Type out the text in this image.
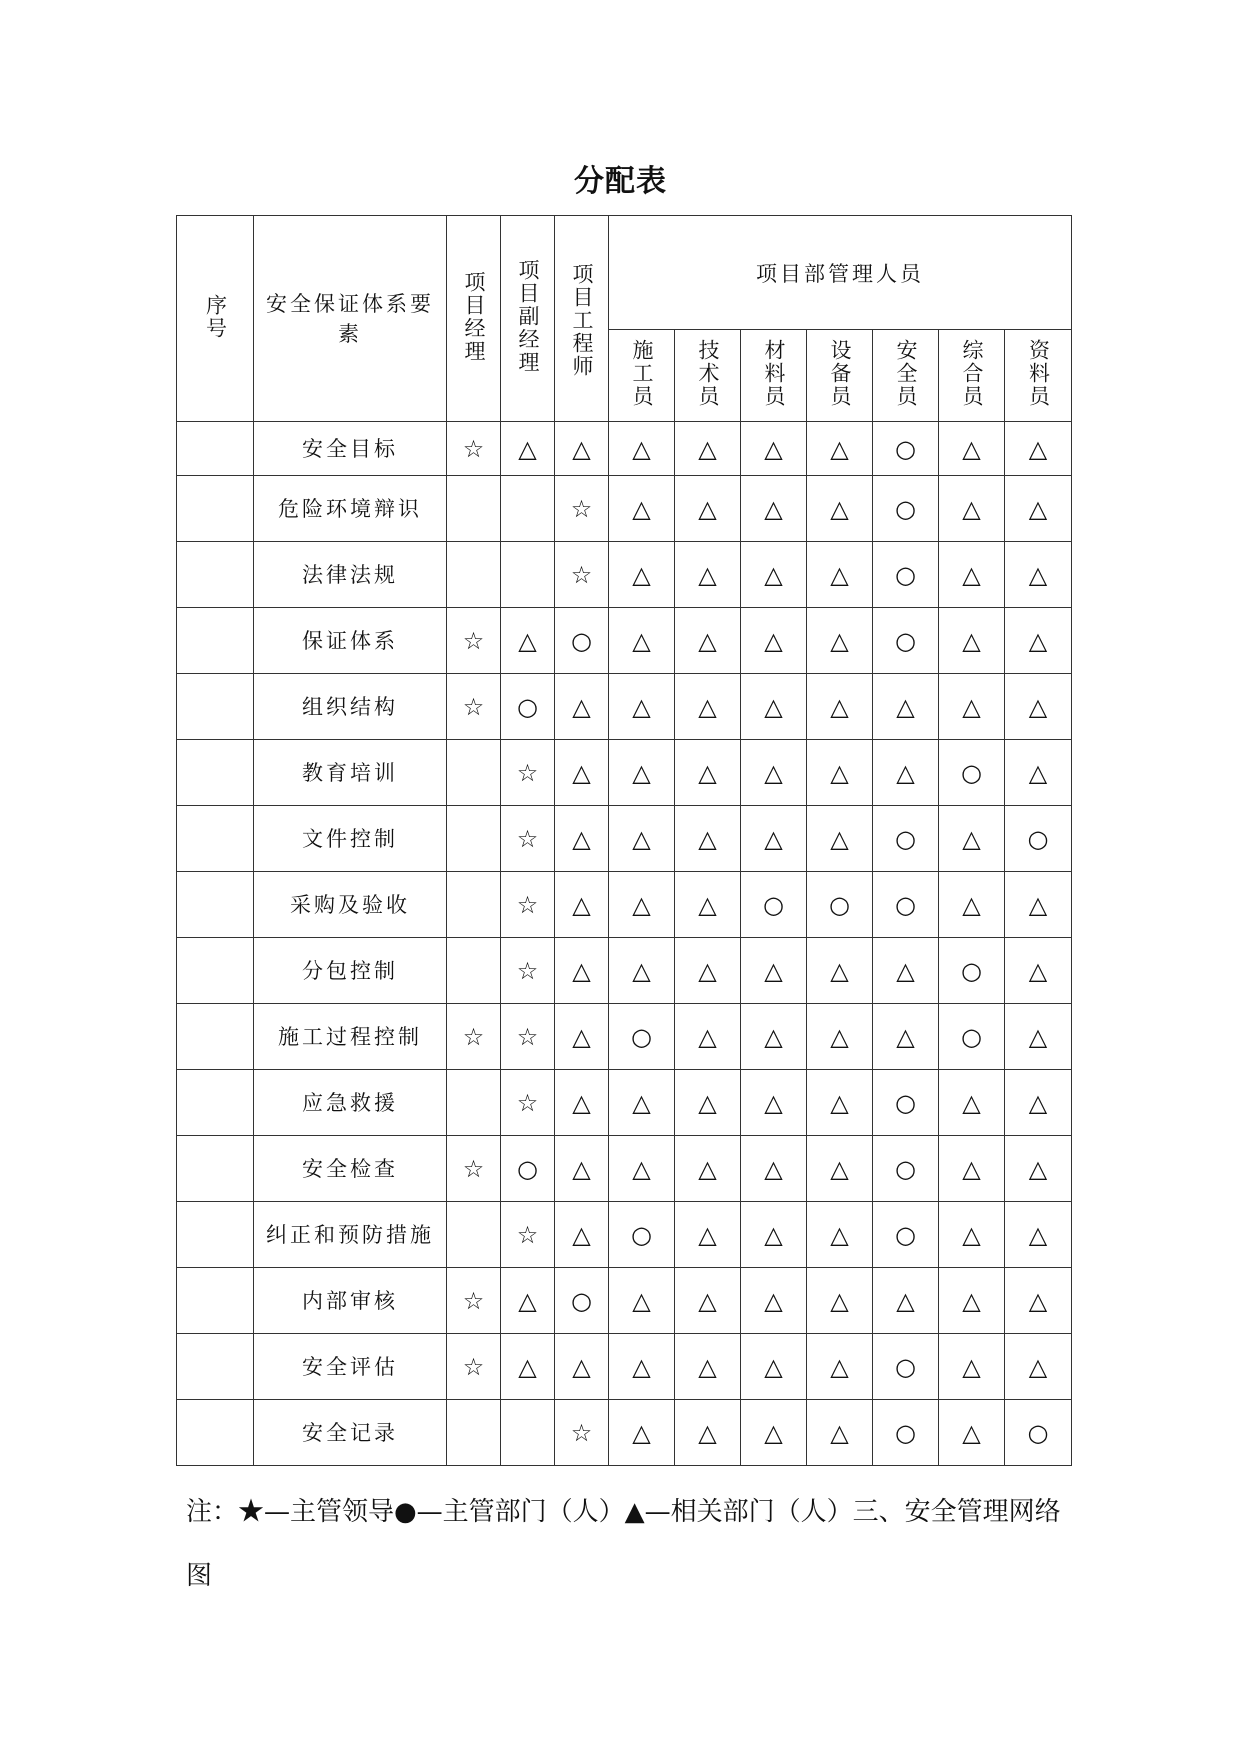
分配表
序号	安全保证体系要素	项目经理	项目副经理	项目工程师	项目部管理人员						
					施工员	技术员	材料员	设备员	安全员	综合员	资料员
	安全目标	☆	△	△	△	△	△	△	○	△	△
	危险环境辩识			☆	△	△	△	△	○	△	△
	法律法规			☆	△	△	△	△	○	△	△
	保证体系	☆	△	○	△	△	△	△	○	△	△
	组织结构	☆	○	△	△	△	△	△	△	△	△
	教育培训		☆	△	△	△	△	△	△	○	△
	文件控制		☆	△	△	△	△	△	○	△	○
	采购及验收		☆	△	△	△	○	○	○	△	△
	分包控制		☆	△	△	△	△	△	△	○	△
	施工过程控制	☆	☆	△	○	△	△	△	△	○	△
	应急救援		☆	△	△	△	△	△	○	△	△
	安全检查	☆	○	△	△	△	△	△	○	△	△
	纠正和预防措施		☆	△	○	△	△	△	○	△	△
	内部审核	☆	△	○	△	△	△	△	△	△	△
	安全评估	☆	△	△	△	△	△	△	○	△	△
	安全记录			☆	△	△	△	△	○	△	○
注：★—主管领导●—主管部门（人）▲—相关部门（人）三、安全管理网络图
